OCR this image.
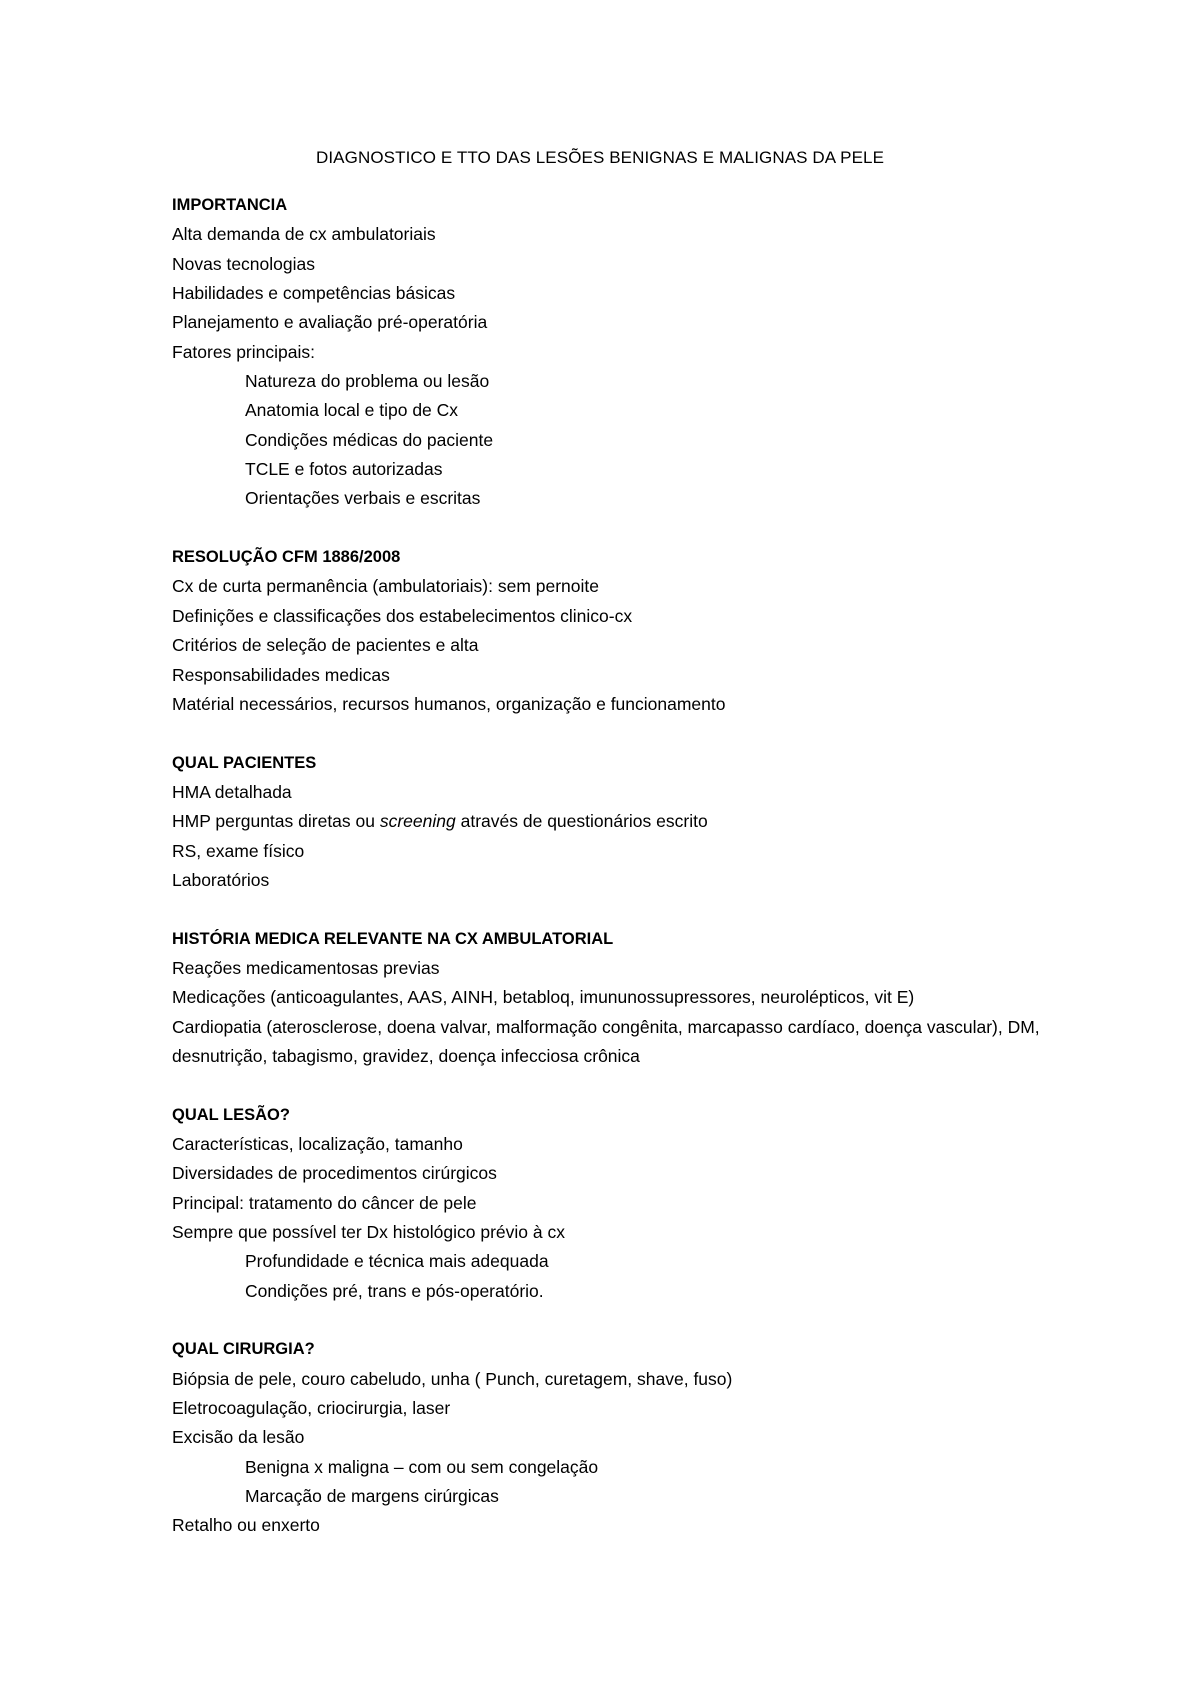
DIAGNOSTICO E TTO DAS LESÕES BENIGNAS E MALIGNAS DA PELE
IMPORTANCIA
Alta demanda de cx ambulatoriais
Novas tecnologias
Habilidades e competências básicas
Planejamento e avaliação pré-operatória
Fatores principais:
Natureza do problema ou lesão
Anatomia local e tipo de Cx
Condições médicas do paciente
TCLE e fotos autorizadas
Orientações verbais e escritas
RESOLUÇÃO CFM 1886/2008
Cx de curta permanência (ambulatoriais): sem pernoite
Definições e classificações dos estabelecimentos clinico-cx
Critérios de seleção de pacientes e alta
Responsabilidades medicas
Matérial necessários, recursos humanos, organização e funcionamento
QUAL PACIENTES
HMA detalhada
HMP perguntas diretas ou screening através de questionários escrito
RS, exame físico
Laboratórios
HISTÓRIA MEDICA RELEVANTE NA CX AMBULATORIAL
Reações medicamentosas previas
Medicações (anticoagulantes, AAS, AINH, betabloq, imununossupressores, neurolépticos, vit E)
Cardiopatia (aterosclerose, doena valvar, malformação congênita, marcapasso cardíaco, doença vascular), DM, desnutrição, tabagismo, gravidez, doença infecciosa crônica
QUAL LESÃO?
Características, localização, tamanho
Diversidades de procedimentos cirúrgicos
Principal: tratamento do câncer de pele
Sempre que possível ter Dx histológico prévio à cx
Profundidade e técnica mais adequada
Condições pré, trans e pós-operatório.
QUAL CIRURGIA?
Biópsia de pele, couro cabeludo, unha ( Punch, curetagem, shave, fuso)
Eletrocoagulação, criocirurgia, laser
Excisão da lesão
Benigna x maligna – com ou sem congelação
Marcação de margens cirúrgicas
Retalho ou enxerto
